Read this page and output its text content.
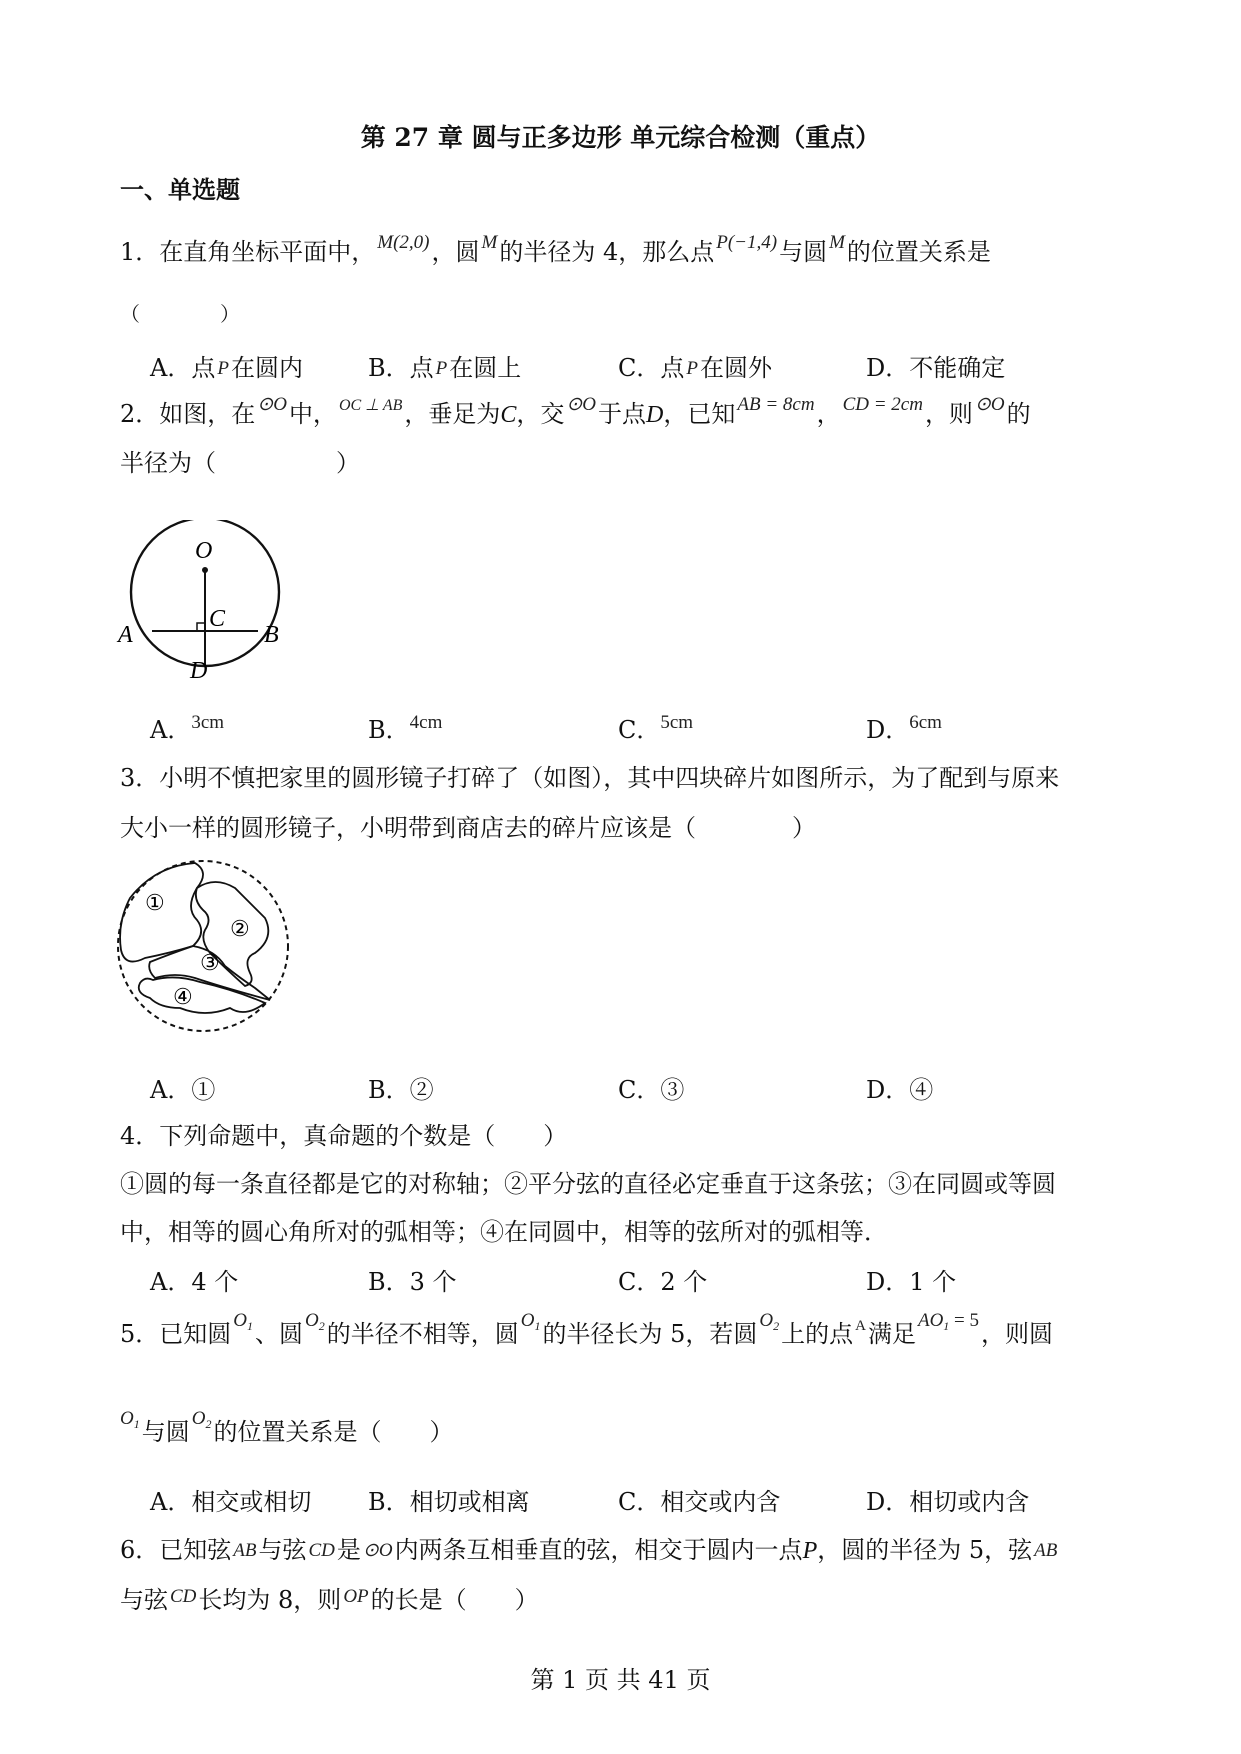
第 27 章 圆与正多边形 单元综合检测（重点）
一、单选题
1．在直角坐标平面中， $^{M(2,0)}$，圆 $^M$的半径为 4，那么点 $^{P(-1,4)}$与圆 $^M$的位置关系是
（　　　　）
A．点 P在圆内	B．点 P在圆上	C．点 P在圆外	D．不能确定
2．如图，在 $^{⊙O}$中， $^{OC \perp AB}$，垂足为C，交 $^{⊙O}$于点D，已知 $^{AB = 8cm}$， $^{CD = 2cm}$，则 $^{⊙O}$的
半径为（　　　　　）
O
C
A	B
D
A．$^{3cm}$	B．$^{4cm}$	C．$^{5cm}$	D．$^{6cm}$
3．小明不慎把家里的圆形镜子打碎了（如图），其中四块碎片如图所示，为了配到与原来
大小一样的圆形镜子，小明带到商店去的碎片应该是（　　　　）
①
②
③
④
A．①	B．②	C．③	D．④
4．下列命题中，真命题的个数是（　　）
①圆的每一条直径都是它的对称轴；②平分弦的直径必定垂直于这条弦；③在同圆或等圆
中，相等的圆心角所对的弧相等；④在同圆中，相等的弦所对的弧相等．
A．4 个	B．3 个	C．2 个	D．1 个
5．已知圆 $^{O_1}$、圆 $^{O_2}$的半径不相等，圆 $^{O_1}$的半径长为 5，若圆 $^{O_2}$上的点 $^A$满足 $^{AO_1 = 5}$，则圆
$^{O_1}$与圆 $^{O_2}$的位置关系是（　　）
A．相交或相切 B．相切或相离	C．相交或内含	D．相切或内含
6．已知弦 AB与弦 CD是 ⊙O内两条互相垂直的弦，相交于圆内一点P，圆的半径为 5，弦 AB
与弦 $^{CD}$长均为 8，则 $^{OP}$的长是（　　）
第 1 页 共 41 页
